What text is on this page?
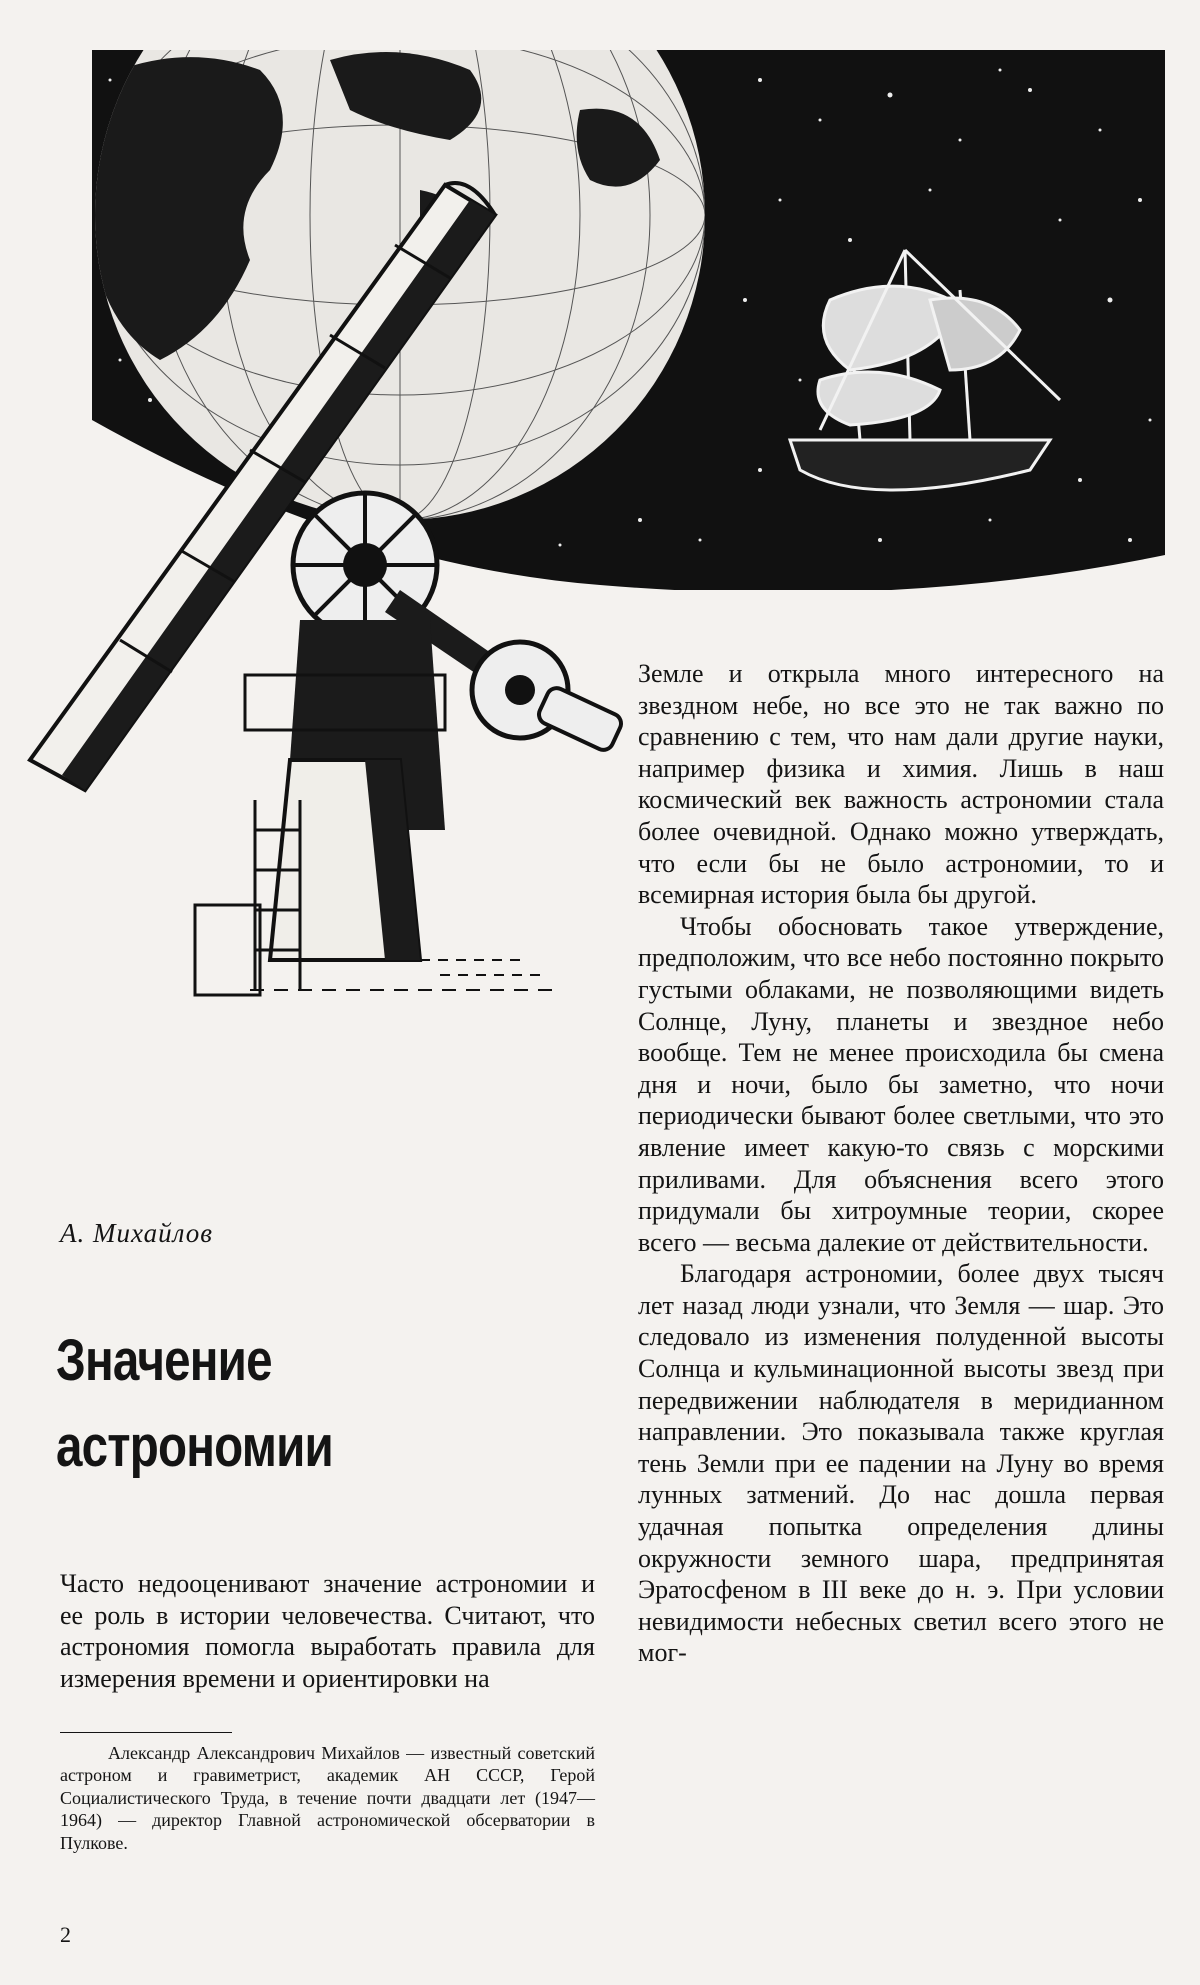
А. Михайлов

Значение
астрономии

Часто недооценивают значение астрономии и ее роль в истории человечества. Считают, что астрономия помогла выработать правила для измерения времени и ориентировки на

Александр Александрович Михайлов — известный советский астроном и гравиметрист, академик АН СССР, Герой Социалистического Труда, в течение почти двадцати лет (1947—1964) — директор Главной астрономической обсерватории в Пулкове.

2

Земле и открыла много интересного на звездном небе, но все это не так важно по сравнению с тем, что нам дали другие науки, например физика и химия. Лишь в наш космический век важность астрономии стала более очевидной. Однако можно утверждать, что если бы не было астрономии, то и всемирная история была бы другой.

Чтобы обосновать такое утверждение, предположим, что все небо постоянно покрыто густыми облаками, не позволяющими видеть Солнце, Луну, планеты и звездное небо вообще. Тем не менее происходила бы смена дня и ночи, было бы заметно, что ночи периодически бывают более светлыми, что это явление имеет какую-то связь с морскими приливами. Для объяснения всего этого придумали бы хитроумные теории, скорее всего — весьма далекие от действительности.

Благодаря астрономии, более двух тысяч лет назад люди узнали, что Земля — шар. Это следовало из изменения полуденной высоты Солнца и кульминационной высоты звезд при передвижении наблюдателя в меридианном направлении. Это показывала также круглая тень Земли при ее падении на Луну во время лунных затмений. До нас дошла первая удачная попытка определения длины окружности земного шара, предпринятая Эратосфеном в III веке до н. э. При условии невидимости небесных светил всего этого не мог-
